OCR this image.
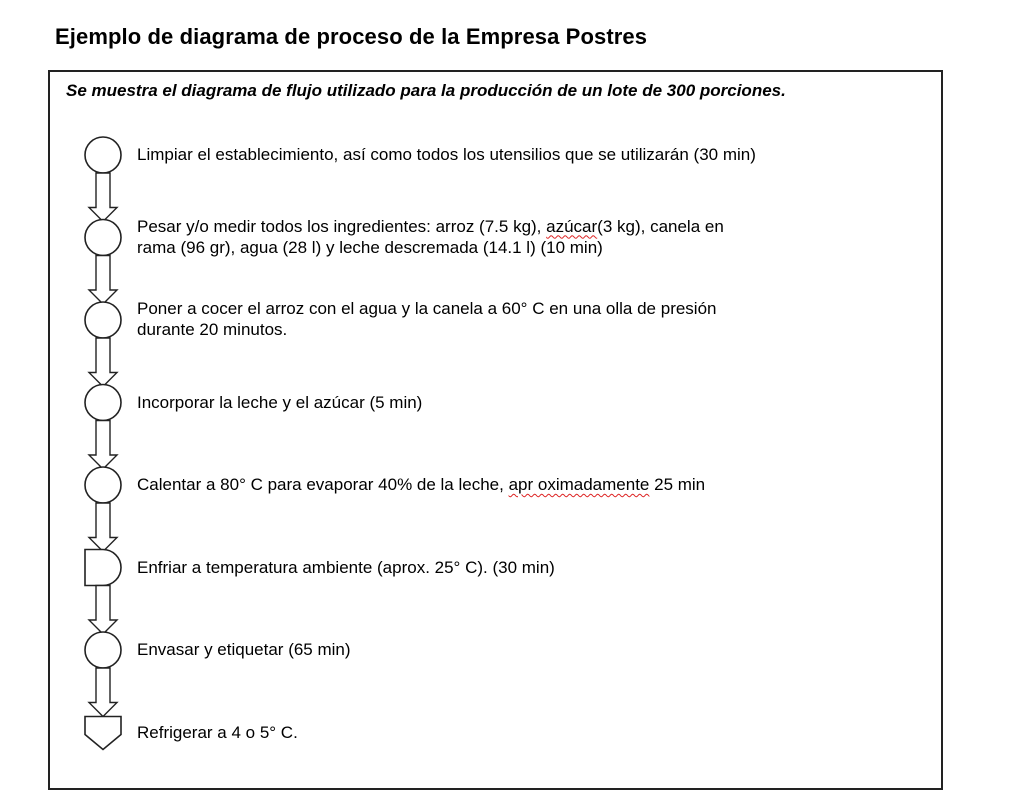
Ejemplo de diagrama de proceso de la Empresa Postres
Se muestra el diagrama de flujo utilizado para la producción de un lote de 300 porciones.
Limpiar el establecimiento, así como todos los utensilios que se utilizarán (30 min)
Pesar y/o medir todos los ingredientes: arroz (7.5 kg), azúcar(3 kg), canela en
rama (96 gr), agua (28 l) y leche descremada (14.1 l) (10 min)
Poner a cocer el arroz con el agua y la canela a 60° C en una olla de presión
durante 20 minutos.
Incorporar la leche y el azúcar (5 min)
Calentar a 80° C para evaporar 40% de la leche, apr oximadamente 25 min
Enfriar a temperatura ambiente (aprox. 25° C). (30 min)
Envasar y etiquetar (65 min)
Refrigerar a 4 o 5° C.
